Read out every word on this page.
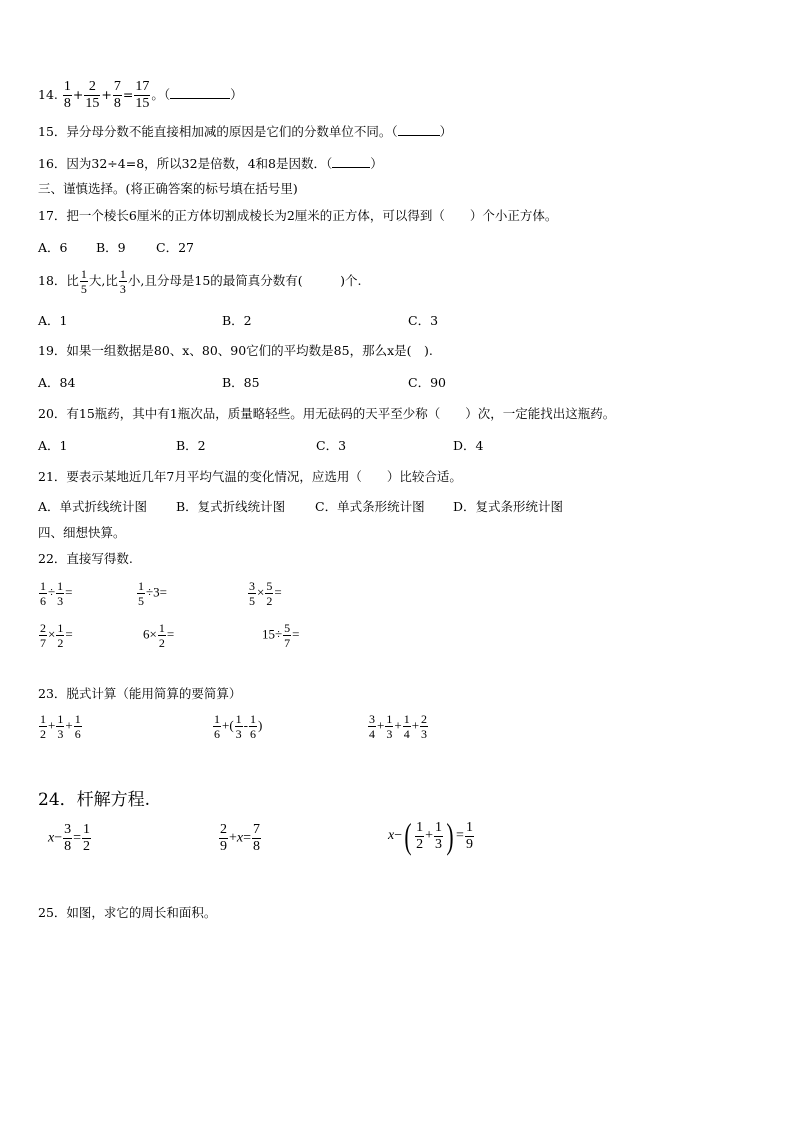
14. $\frac{1}{8} + \frac{2}{15} + \frac{7}{8} = \frac{17}{15}$ 。（	）
15．异分母分数不能直接相加减的原因是它们的分数单位不同。（	）
16．因为32÷4=8，所以32是倍数，4和8是因数．（	）
三、谨慎选择。(将正确答案的标号填在括号里)
17．把一个棱长6厘米的正方体切割成棱长为2厘米的正方体，可以得到（　　）个小正方体。
A．6 B．9 C．27
18．比 $\frac{1}{5}$ 大,比 $\frac{1}{3}$ 小,且分母是15的最简真分数有(　　　)个.
A．1	B．2	C．3
19．如果一组数据是80、x、80、90它们的平均数是85，那么x是(　).
A．84	B．85	C．90
20．有15瓶药，其中有1瓶次品，质量略轻些。用无砝码的天平至少称（　　）次，一定能找出这瓶药。
A．1	B．2	C．3	D．4
21．要表示某地近几年7月平均气温的变化情况，应选用（　　）比较合适。
A．单式折线统计图 B．复式折线统计图 C．单式条形统计图 D．复式条形统计图
四、细想快算。
22．直接写得数.
$\frac{1}{6} \div \frac{1}{3}$ =	$\frac{1}{5} \div 3=$	$\frac{3}{5} \times \frac{5}{2}$ =
$\frac{2}{7} \times \frac{1}{2}$ =	$6\times \frac{1}{2}$ =	$15\div \frac{5}{7}$ =
23．脱式计算（能用简算的要简算）
$\frac{1}{2} + \frac{1}{3} + \frac{1}{6}$	$\frac{1}{6}$ +( $\frac{1}{3} - \frac{1}{6}$ )	$\frac{3}{4} + \frac{1}{3} + \frac{1}{4} + \frac{2}{3}$
24．杆解方程.
$x- \frac{3}{8} = \frac{1}{2}$	$\frac{2}{9} +x= \frac{7}{8}$	$x-( \frac{1}{2} + \frac{1}{3}$ ) = $\frac{1}{9}$
25．如图，求它的周长和面积。
